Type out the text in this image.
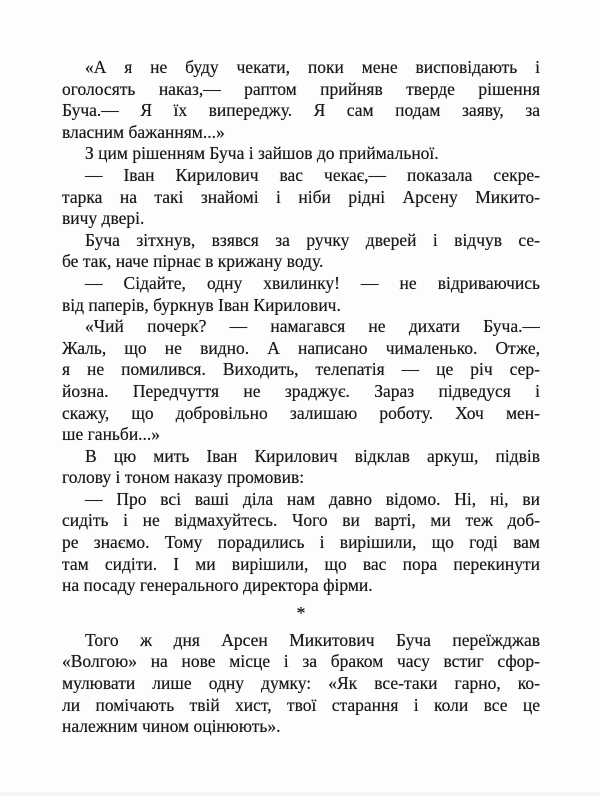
«А я не буду чекати, поки мене висповідають і
оголосять наказ,— раптом прийняв тверде рішення
Буча.— Я їх випереджу. Я сам подам заяву, за
власним бажанням...»
З цим рішенням Буча і зайшов до приймальної.
— Іван Кирилович вас чекає,— показала секре-
тарка на такі знайомі і ніби рідні Арсену Микито-
вичу двері.
Буча зітхнув, взявся за ручку дверей і відчув се-
бе так, наче пірнає в крижану воду.
— Сідайте, одну хвилинку! — не відриваючись
від паперів, буркнув Іван Кирилович.
«Чий почерк? — намагався не дихати Буча.—
Жаль, що не видно. А написано чималенько. Отже,
я не помилився. Виходить, телепатія — це річ сер-
йозна. Передчуття не зраджує. Зараз підведуся і
скажу, що добровільно залишаю роботу. Хоч мен-
ше ганьби...»
В цю мить Іван Кирилович відклав аркуш, підвів
голову і тоном наказу промовив:
— Про всі ваші діла нам давно відомо. Ні, ні, ви
сидіть і не відмахуйтесь. Чого ви варті, ми теж доб-
ре знаємо. Тому порадились і вирішили, що годі вам
там сидіти. І ми вирішили, що вас пора перекинути
на посаду генерального директора фірми.
*
Того ж дня Арсен Микитович Буча переїжджав
«Волгою» на нове місце і за браком часу встиг сфор-
мулювати лише одну думку: «Як все-таки гарно, ко-
ли помічають твій хист, твої старання і коли все це
належним чином оцінюють».
